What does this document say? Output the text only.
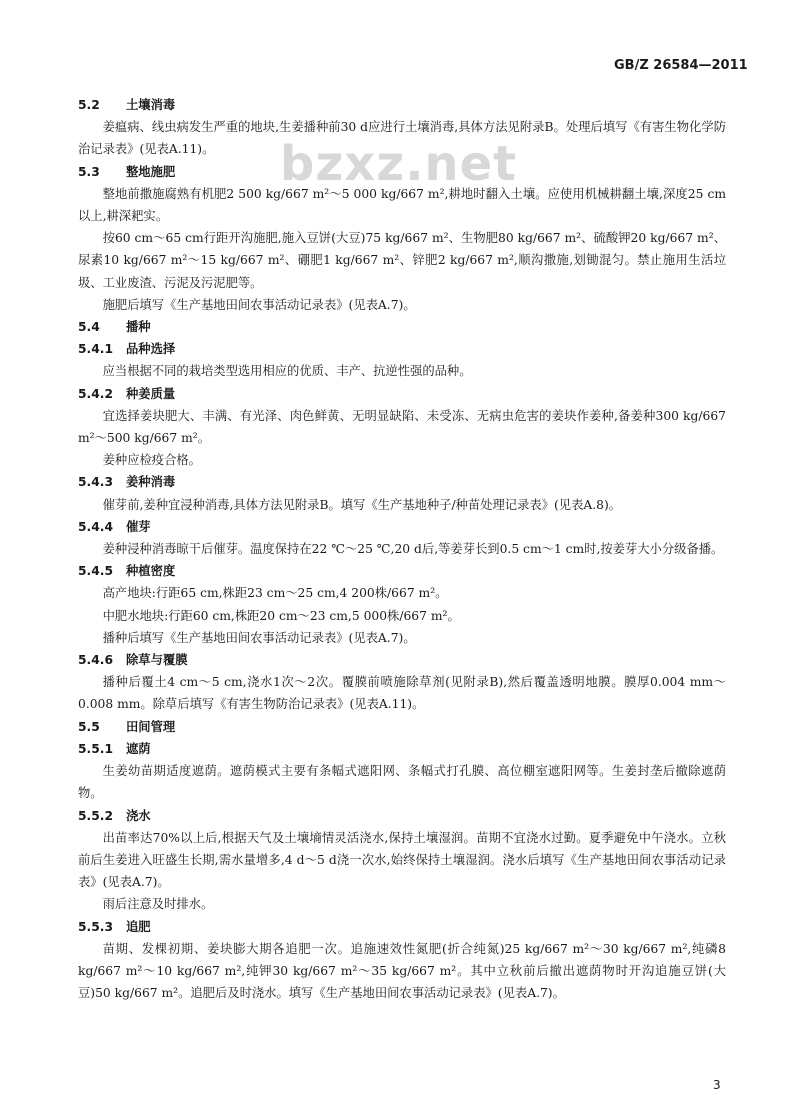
GB/Z 26584—2011
bzxz.net
5.2 土壤消毒
姜瘟病、线虫病发生严重的地块,生姜播种前30 d应进行土壤消毒,具体方法见附录B。处理后填写《有害生物化学防治记录表》(见表A.11)。
5.3 整地施肥
整地前撒施腐熟有机肥2 500 kg/667 m²～5 000 kg/667 m²,耕地时翻入土壤。应使用机械耕翻土壤,深度25 cm以上,耕深耙实。
按60 cm～65 cm行距开沟施肥,施入豆饼(大豆)75 kg/667 m²、生物肥80 kg/667 m²、硫酸钾20 kg/667 m²、尿素10 kg/667 m²～15 kg/667 m²、硼肥1 kg/667 m²、锌肥2 kg/667 m²,顺沟撒施,划锄混匀。禁止施用生活垃圾、工业废渣、污泥及污泥肥等。
施肥后填写《生产基地田间农事活动记录表》(见表A.7)。
5.4 播种
5.4.1 品种选择
应当根据不同的栽培类型选用相应的优质、丰产、抗逆性强的品种。
5.4.2 种姜质量
宜选择姜块肥大、丰满、有光泽、肉色鲜黄、无明显缺陷、未受冻、无病虫危害的姜块作姜种,备姜种300 kg/667 m²～500 kg/667 m²。
姜种应检疫合格。
5.4.3 姜种消毒
催芽前,姜种宜浸种消毒,具体方法见附录B。填写《生产基地种子/种苗处理记录表》(见表A.8)。
5.4.4 催芽
姜种浸种消毒晾干后催芽。温度保持在22 ℃～25 ℃,20 d后,等姜芽长到0.5 cm～1 cm时,按姜芽大小分级备播。
5.4.5 种植密度
高产地块:行距65 cm,株距23 cm～25 cm,4 200株/667 m²。
中肥水地块:行距60 cm,株距20 cm～23 cm,5 000株/667 m²。
播种后填写《生产基地田间农事活动记录表》(见表A.7)。
5.4.6 除草与覆膜
播种后覆土4 cm～5 cm,浇水1次～2次。覆膜前喷施除草剂(见附录B),然后覆盖透明地膜。膜厚0.004 mm～0.008 mm。除草后填写《有害生物防治记录表》(见表A.11)。
5.5 田间管理
5.5.1 遮荫
生姜幼苗期适度遮荫。遮荫模式主要有条幅式遮阳网、条幅式打孔膜、高位棚室遮阳网等。生姜封垄后撤除遮荫物。
5.5.2 浇水
出苗率达70%以上后,根据天气及土壤墒情灵活浇水,保持土壤湿润。苗期不宜浇水过勤。夏季避免中午浇水。立秋前后生姜进入旺盛生长期,需水量增多,4 d～5 d浇一次水,始终保持土壤湿润。浇水后填写《生产基地田间农事活动记录表》(见表A.7)。
雨后注意及时排水。
5.5.3 追肥
苗期、发棵初期、姜块膨大期各追肥一次。追施速效性氮肥(折合纯氮)25 kg/667 m²～30 kg/667 m²,纯磷8 kg/667 m²～10 kg/667 m²,纯钾30 kg/667 m²～35 kg/667 m²。其中立秋前后撤出遮荫物时开沟追施豆饼(大豆)50 kg/667 m²。追肥后及时浇水。填写《生产基地田间农事活动记录表》(见表A.7)。
3
